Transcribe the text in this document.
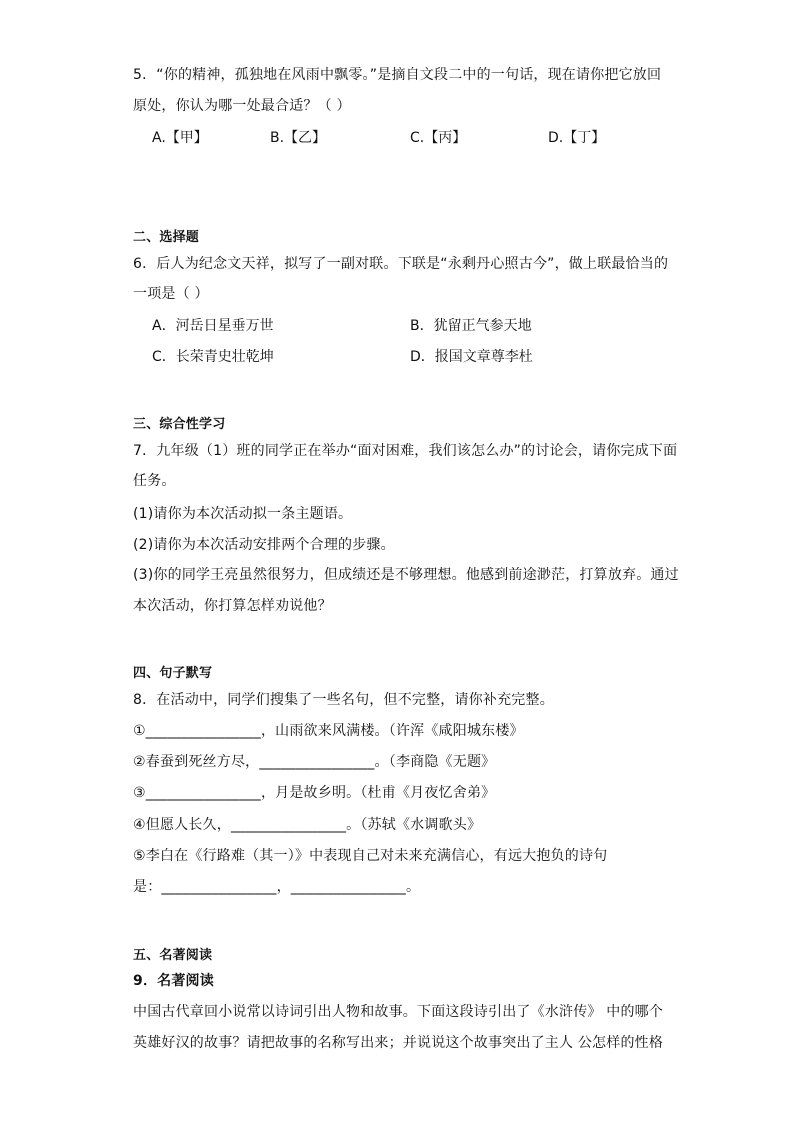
5．“你的精神，孤独地在风雨中飘零。”是摘自文段二中的一句话，现在请你把它放回
原处，你认为哪一处最合适？（ ）
A.【甲】	B.【乙】	C.【丙】	D.【丁】
二、选择题
6．后人为纪念文天祥，拟写了一副对联。下联是“永剩丹心照古今”，做上联最恰当的
一项是（ ）
A．河岳日星垂万世	B．犹留正气参天地
C．长荣青史壮乾坤	D．报国文章尊李杜
三、综合性学习
7．九年级（1）班的同学正在举办“面对困难，我们该怎么办”的讨论会，请你完成下面
任务。
(1)请你为本次活动拟一条主题语。
(2)请你为本次活动安排两个合理的步骤。
(3)你的同学王亮虽然很努力，但成绩还是不够理想。他感到前途渺茫，打算放弃。通过
本次活动，你打算怎样劝说他？
四、句子默写
8．在活动中，同学们搜集了一些名句，但不完整，请你补充完整。
①________________，山雨欲来风满楼。（许浑《咸阳城东楼》
②春蚕到死丝方尽，________________。（李商隐《无题》
③________________，月是故乡明。（杜甫《月夜忆舍弟》
④但愿人长久，________________。（苏轼《水调歌头》
⑤李白在《行路难（其一）》中表现自己对未来充满信心，有远大抱负的诗句
是：________________，________________。
五、名著阅读
9．名著阅读
中国古代章回小说常以诗词引出人物和故事。下面这段诗引出了《水浒传》 中的哪个
英雄好汉的故事？请把故事的名称写出来；并说说这个故事突出了主人 公怎样的性格
